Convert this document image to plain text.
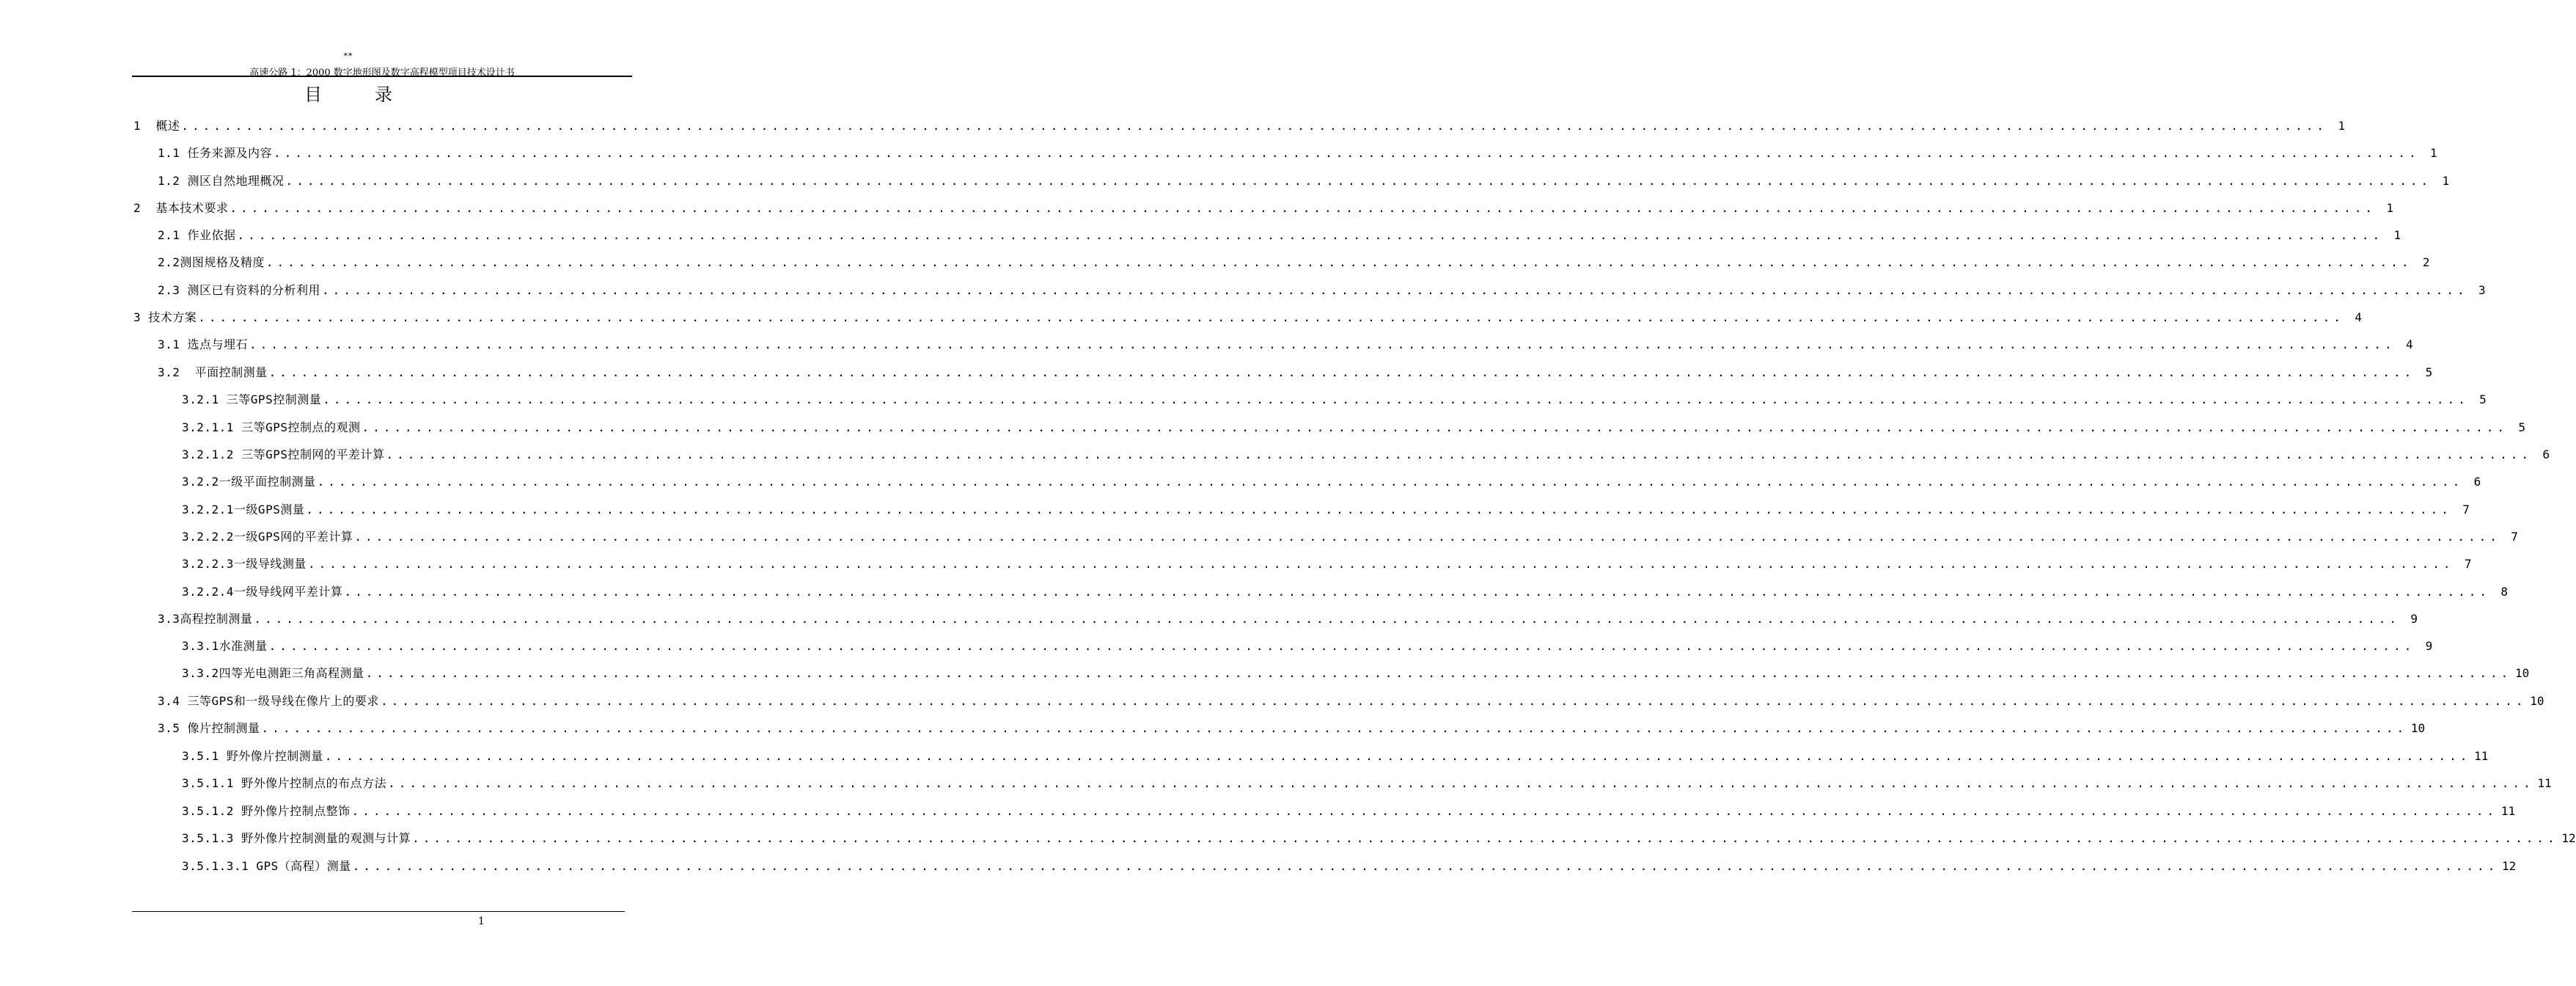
**
高速公路 1：2000 数字地形图及数字高程模型项目技术设计书
目	录
1  概述 ........................................................................................................................................................................................................ 1
1.1 任务来源及内容 ........................................................................................................................................................................................................ 1
1.2 测区自然地理概况 ........................................................................................................................................................................................................ 1
2  基本技术要求 ........................................................................................................................................................................................................ 1
2.1 作业依据 ........................................................................................................................................................................................................ 1
2.2测图规格及精度 ........................................................................................................................................................................................................ 2
2.3 测区已有资料的分析利用 ........................................................................................................................................................................................................ 3
3 技术方案 ........................................................................................................................................................................................................ 4
3.1 选点与埋石 ........................................................................................................................................................................................................ 4
3.2  平面控制测量 ........................................................................................................................................................................................................ 5
3.2.1 三等GPS控制测量 ........................................................................................................................................................................................................ 5
3.2.1.1 三等GPS控制点的观测 ........................................................................................................................................................................................................ 5
3.2.1.2 三等GPS控制网的平差计算 ........................................................................................................................................................................................................ 6
3.2.2一级平面控制测量 ........................................................................................................................................................................................................ 6
3.2.2.1一级GPS测量 ........................................................................................................................................................................................................ 7
3.2.2.2一级GPS网的平差计算 ........................................................................................................................................................................................................ 7
3.2.2.3一级导线测量 ........................................................................................................................................................................................................ 7
3.2.2.4一级导线网平差计算 ........................................................................................................................................................................................................ 8
3.3高程控制测量 ........................................................................................................................................................................................................ 9
3.3.1水准测量 ........................................................................................................................................................................................................ 9
3.3.2四等光电测距三角高程测量 ........................................................................................................................................................................................................ 10
3.4 三等GPS和一级导线在像片上的要求 ........................................................................................................................................................................................................ 10
3.5 像片控制测量 ........................................................................................................................................................................................................ 10
3.5.1 野外像片控制测量 ........................................................................................................................................................................................................ 11
3.5.1.1 野外像片控制点的布点方法 ........................................................................................................................................................................................................ 11
3.5.1.2 野外像片控制点整饰 ........................................................................................................................................................................................................ 11
3.5.1.3 野外像片控制测量的观测与计算 ........................................................................................................................................................................................................ 12
3.5.1.3.1 GPS（高程）测量 ........................................................................................................................................................................................................ 12
1
